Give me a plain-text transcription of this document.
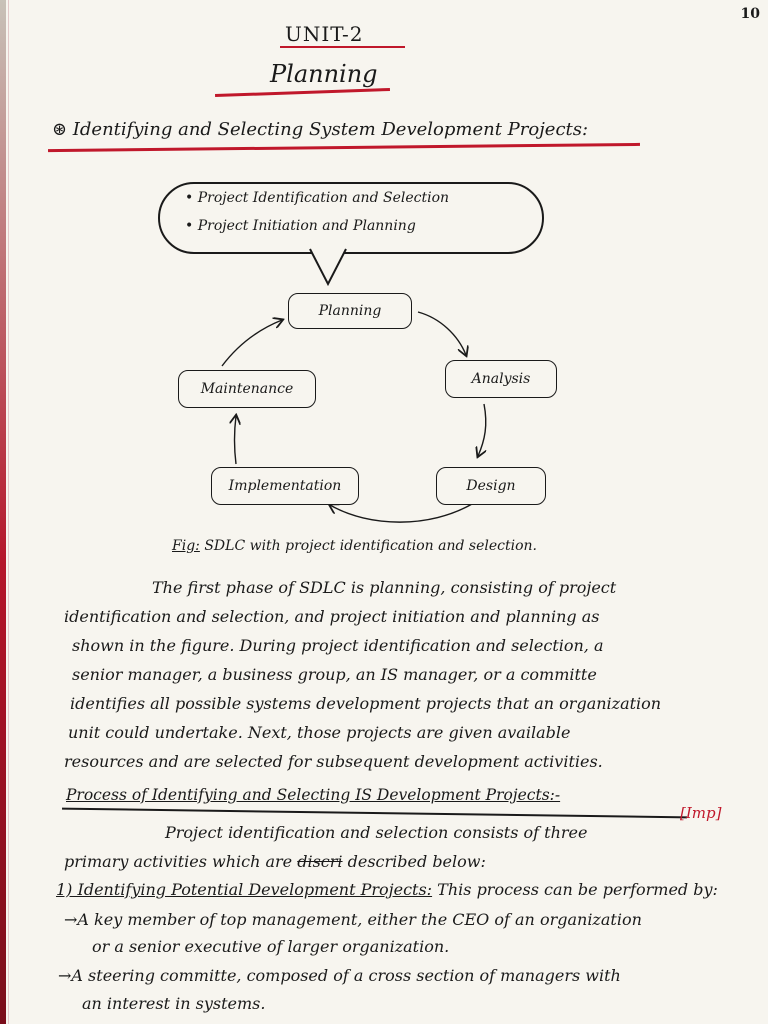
10
UNIT-2
Planning
⊛ Identifying and Selecting System Development Projects:
• Project Identification and Selection
• Project Initiation and Planning
Planning
Analysis
Maintenance
Implementation	Design
Fig: SDLC with project identification and selection.
The first phase of SDLC is planning, consisting of project
identification and selection, and project initiation and planning as
shown in the figure. During project identification and selection, a
senior manager, a business group, an IS manager, or a committe
identifies all possible systems development projects that an organization
unit could undertake. Next, those projects are given available
resources and are selected for subsequent development activities.
Process of Identifying and Selecting IS Development Projects:-
[Imp]
Project identification and selection consists of three
primary activities which are discri described below:
1) Identifying Potential Development Projects: This process can be performed by:
→A key member of top management, either the CEO of an organization
or a senior executive of larger organization.
→A steering committe, composed of a cross section of managers with
an interest in systems.
